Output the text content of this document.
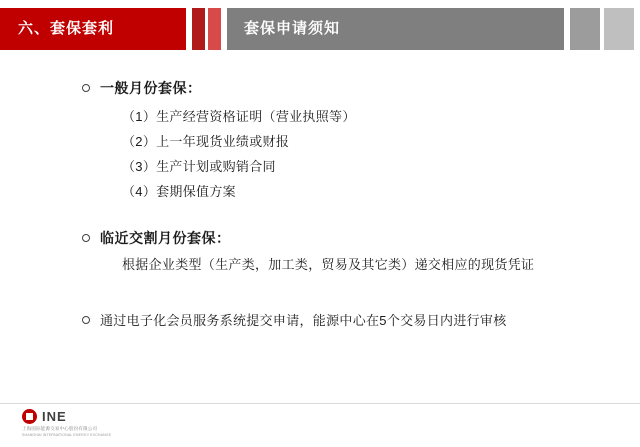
六、套保套利	套保申请须知
一般月份套保：
（1）生产经营资格证明（营业执照等）
（2）上一年现货业绩或财报
（3）生产计划或购销合同
（4）套期保值方案
临近交割月份套保：
根据企业类型（生产类，加工类，贸易及其它类）递交相应的现货凭证
通过电子化会员服务系统提交申请，能源中心在5个交易日内进行审核
INE
上海国际能源交易中心股份有限公司
SHANGHAI INTERNATIONAL ENERGY EXCHANGE
